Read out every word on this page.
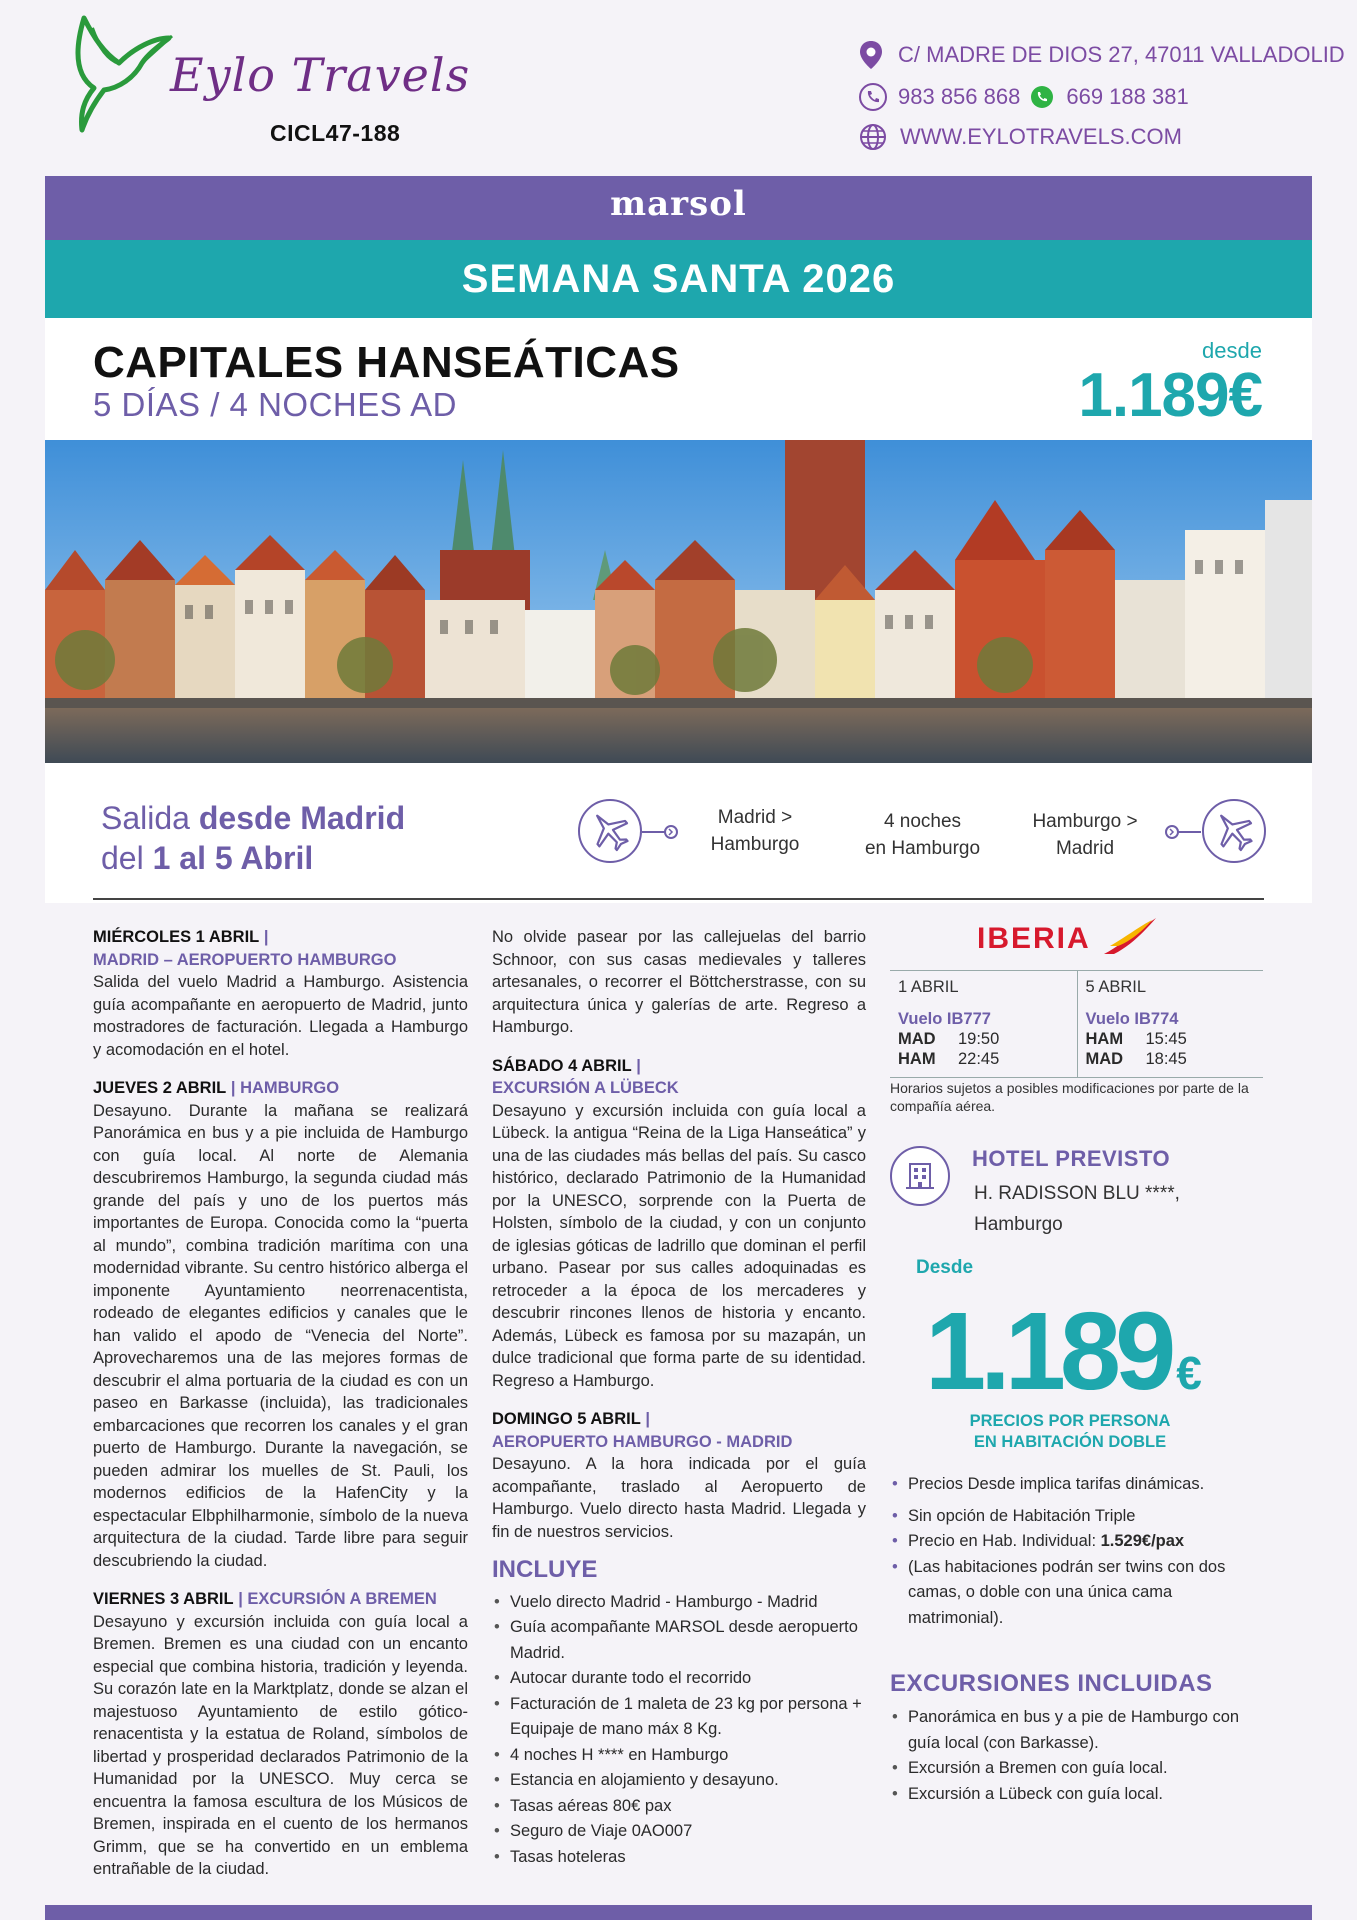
Eylo Travels
CICL47-188
C/ MADRE DE DIOS 27, 47011 VALLADOLID
983 856 868 669 188 381
WWW.EYLOTRAVELS.COM
marsol
SEMANA SANTA 2026
CAPITALES HANSEÁTICAS
5 DÍAS / 4 NOCHES AD
desde
1.189€
Salida desde Madrid
del 1 al 5 Abril
Madrid >
Hamburgo
4 noches
en Hamburgo
Hamburgo >
Madrid
MIÉRCOLES 1 ABRIL |
MADRID – AEROPUERTO HAMBURGO
Salida del vuelo Madrid a Hamburgo. Asistencia guía acompañante en aeropuerto de Madrid, junto mostradores de facturación. Llegada a Hamburgo y acomodación en el hotel.
JUEVES 2 ABRIL | HAMBURGO
Desayuno. Durante la mañana se realizará Panorámica en bus y a pie incluida de Hamburgo con guía local. Al norte de Alemania descubriremos Hamburgo, la segunda ciudad más grande del país y uno de los puertos más importantes de Europa. Conocida como la “puerta al mundo”, combina tradición marítima con una modernidad vibrante. Su centro histórico alberga el imponente Ayuntamiento neorrenacentista, rodeado de elegantes edificios y canales que le han valido el apodo de “Venecia del Norte”. Aprovecharemos una de las mejores formas de descubrir el alma portuaria de la ciudad es con un paseo en Barkasse (incluida), las tradicionales embarcaciones que recorren los canales y el gran puerto de Hamburgo. Durante la navegación, se pueden admirar los muelles de St. Pauli, los modernos edificios de la HafenCity y la espectacular Elbphilharmonie, símbolo de la nueva arquitectura de la ciudad. Tarde libre para seguir descubriendo la ciudad.
VIERNES 3 ABRIL | EXCURSIÓN A BREMEN
Desayuno y excursión incluida con guía local a Bremen. Bremen es una ciudad con un encanto especial que combina historia, tradición y leyenda. Su corazón late en la Marktplatz, donde se alzan el majestuoso Ayuntamiento de estilo gótico-renacentista y la estatua de Roland, símbolos de libertad y prosperidad declarados Patrimonio de la Humanidad por la UNESCO. Muy cerca se encuentra la famosa escultura de los Músicos de Bremen, inspirada en el cuento de los hermanos Grimm, que se ha convertido en un emblema entrañable de la ciudad.
No olvide pasear por las callejuelas del barrio Schnoor, con sus casas medievales y talleres artesanales, o recorrer el Böttcherstrasse, con su arquitectura única y galerías de arte. Regreso a Hamburgo.
SÁBADO 4 ABRIL |
EXCURSIÓN A LÜBECK
Desayuno y excursión incluida con guía local a Lübeck. la antigua “Reina de la Liga Hanseática” y una de las ciudades más bellas del país. Su casco histórico, declarado Patrimonio de la Humanidad por la UNESCO, sorprende con la Puerta de Holsten, símbolo de la ciudad, y con un conjunto de iglesias góticas de ladrillo que dominan el perfil urbano. Pasear por sus calles adoquinadas es retroceder a la época de los mercaderes y descubrir rincones llenos de historia y encanto. Además, Lübeck es famosa por su mazapán, un dulce tradicional que forma parte de su identidad. Regreso a Hamburgo.
DOMINGO 5 ABRIL |
AEROPUERTO HAMBURGO - MADRID
Desayuno. A la hora indicada por el guía acompañante, traslado al Aeropuerto de Hamburgo. Vuelo directo hasta Madrid. Llegada y fin de nuestros servicios.
INCLUYE
• Vuelo directo Madrid - Hamburgo - Madrid
• Guía acompañante MARSOL desde aeropuerto Madrid.
• Autocar durante todo el recorrido
• Facturación de 1 maleta de 23 kg por persona + Equipaje de mano máx 8 Kg.
• 4 noches H **** en Hamburgo
• Estancia en alojamiento y desayuno.
• Tasas aéreas 80€ pax
• Seguro de Viaje 0AO007
• Tasas hoteleras
IBERIA
1 ABRIL
Vuelo IB777
MAD	19:50
HAM	22:45
5 ABRIL
Vuelo IB774
HAM	15:45
MAD	18:45
Horarios sujetos a posibles modificaciones por parte de la compañía aérea.
HOTEL PREVISTO
H. RADISSON BLU ****,
Hamburgo
Desde
1.189 €
PRECIOS POR PERSONA
EN HABITACIÓN DOBLE
• Precios Desde implica tarifas dinámicas.
• Sin opción de Habitación Triple
• Precio en Hab. Individual: 1.529€/pax
• (Las habitaciones podrán ser twins con dos camas, o doble con una única cama matrimonial).
EXCURSIONES INCLUIDAS
• Panorámica en bus y a pie de Hamburgo con guía local (con Barkasse).
• Excursión a Bremen con guía local.
• Excursión a Lübeck con guía local.
